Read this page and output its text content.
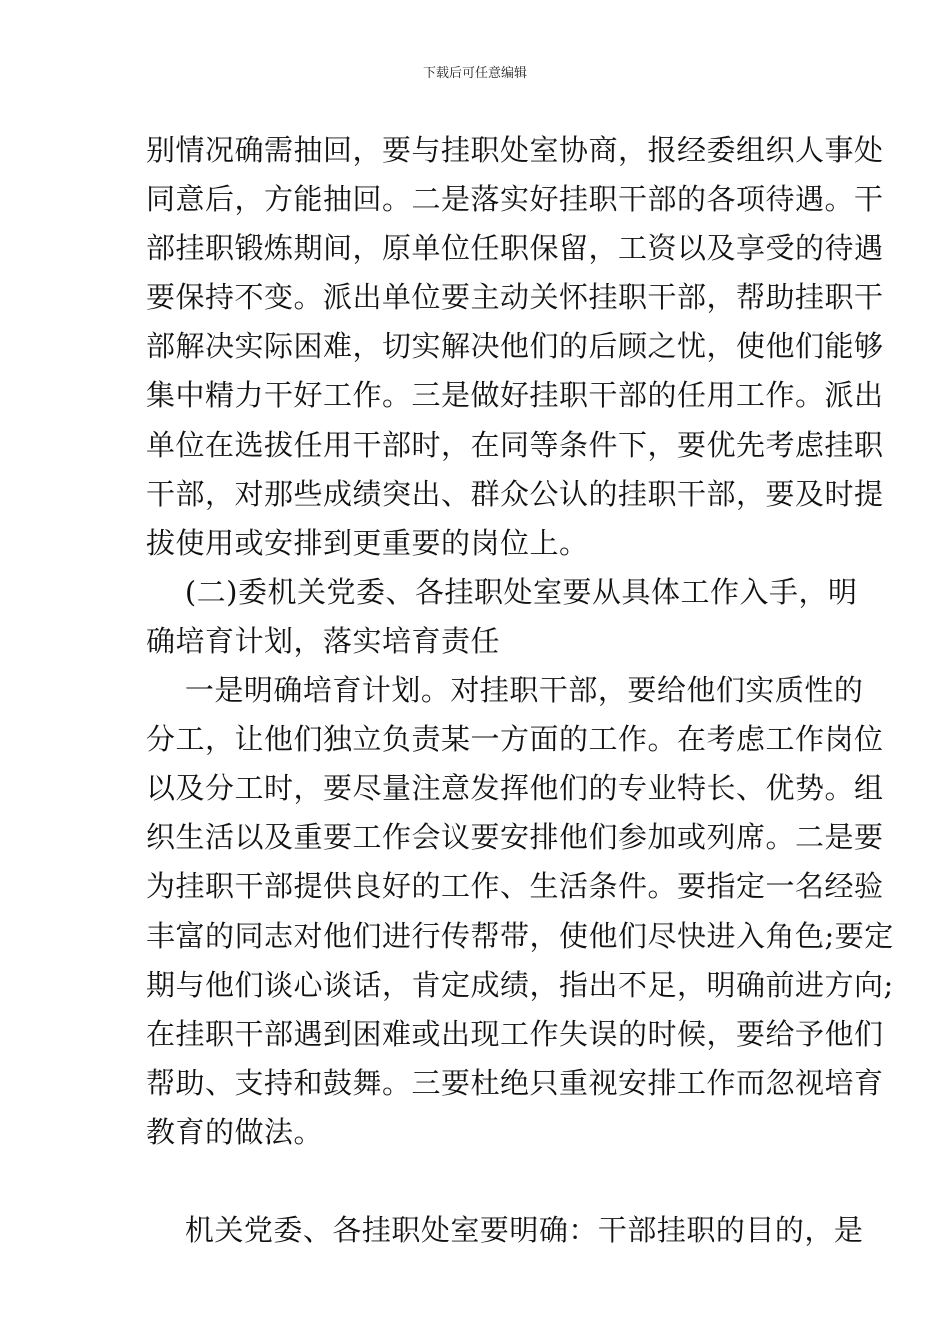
下载后可任意编辑
别情况确需抽回，要与挂职处室协商，报经委组织人事处
同意后，方能抽回。二是落实好挂职干部的各项待遇。干
部挂职锻炼期间，原单位任职保留，工资以及享受的待遇
要保持不变。派出单位要主动关怀挂职干部，帮助挂职干
部解决实际困难，切实解决他们的后顾之忧，使他们能够
集中精力干好工作。三是做好挂职干部的任用工作。派出
单位在选拔任用干部时，在同等条件下，要优先考虑挂职
干部，对那些成绩突出、群众公认的挂职干部，要及时提
拔使用或安排到更重要的岗位上。
(二)委机关党委、各挂职处室要从具体工作入手，明
确培育计划，落实培育责任
一是明确培育计划。对挂职干部，要给他们实质性的
分工，让他们独立负责某一方面的工作。在考虑工作岗位
以及分工时，要尽量注意发挥他们的专业特长、优势。组
织生活以及重要工作会议要安排他们参加或列席。二是要
为挂职干部提供良好的工作、生活条件。要指定一名经验
丰富的同志对他们进行传帮带，使他们尽快进入角色;要定
期与他们谈心谈话，肯定成绩，指出不足，明确前进方向;
在挂职干部遇到困难或出现工作失误的时候，要给予他们
帮助、支持和鼓舞。三要杜绝只重视安排工作而忽视培育
教育的做法。
机关党委、各挂职处室要明确：干部挂职的目的，是
